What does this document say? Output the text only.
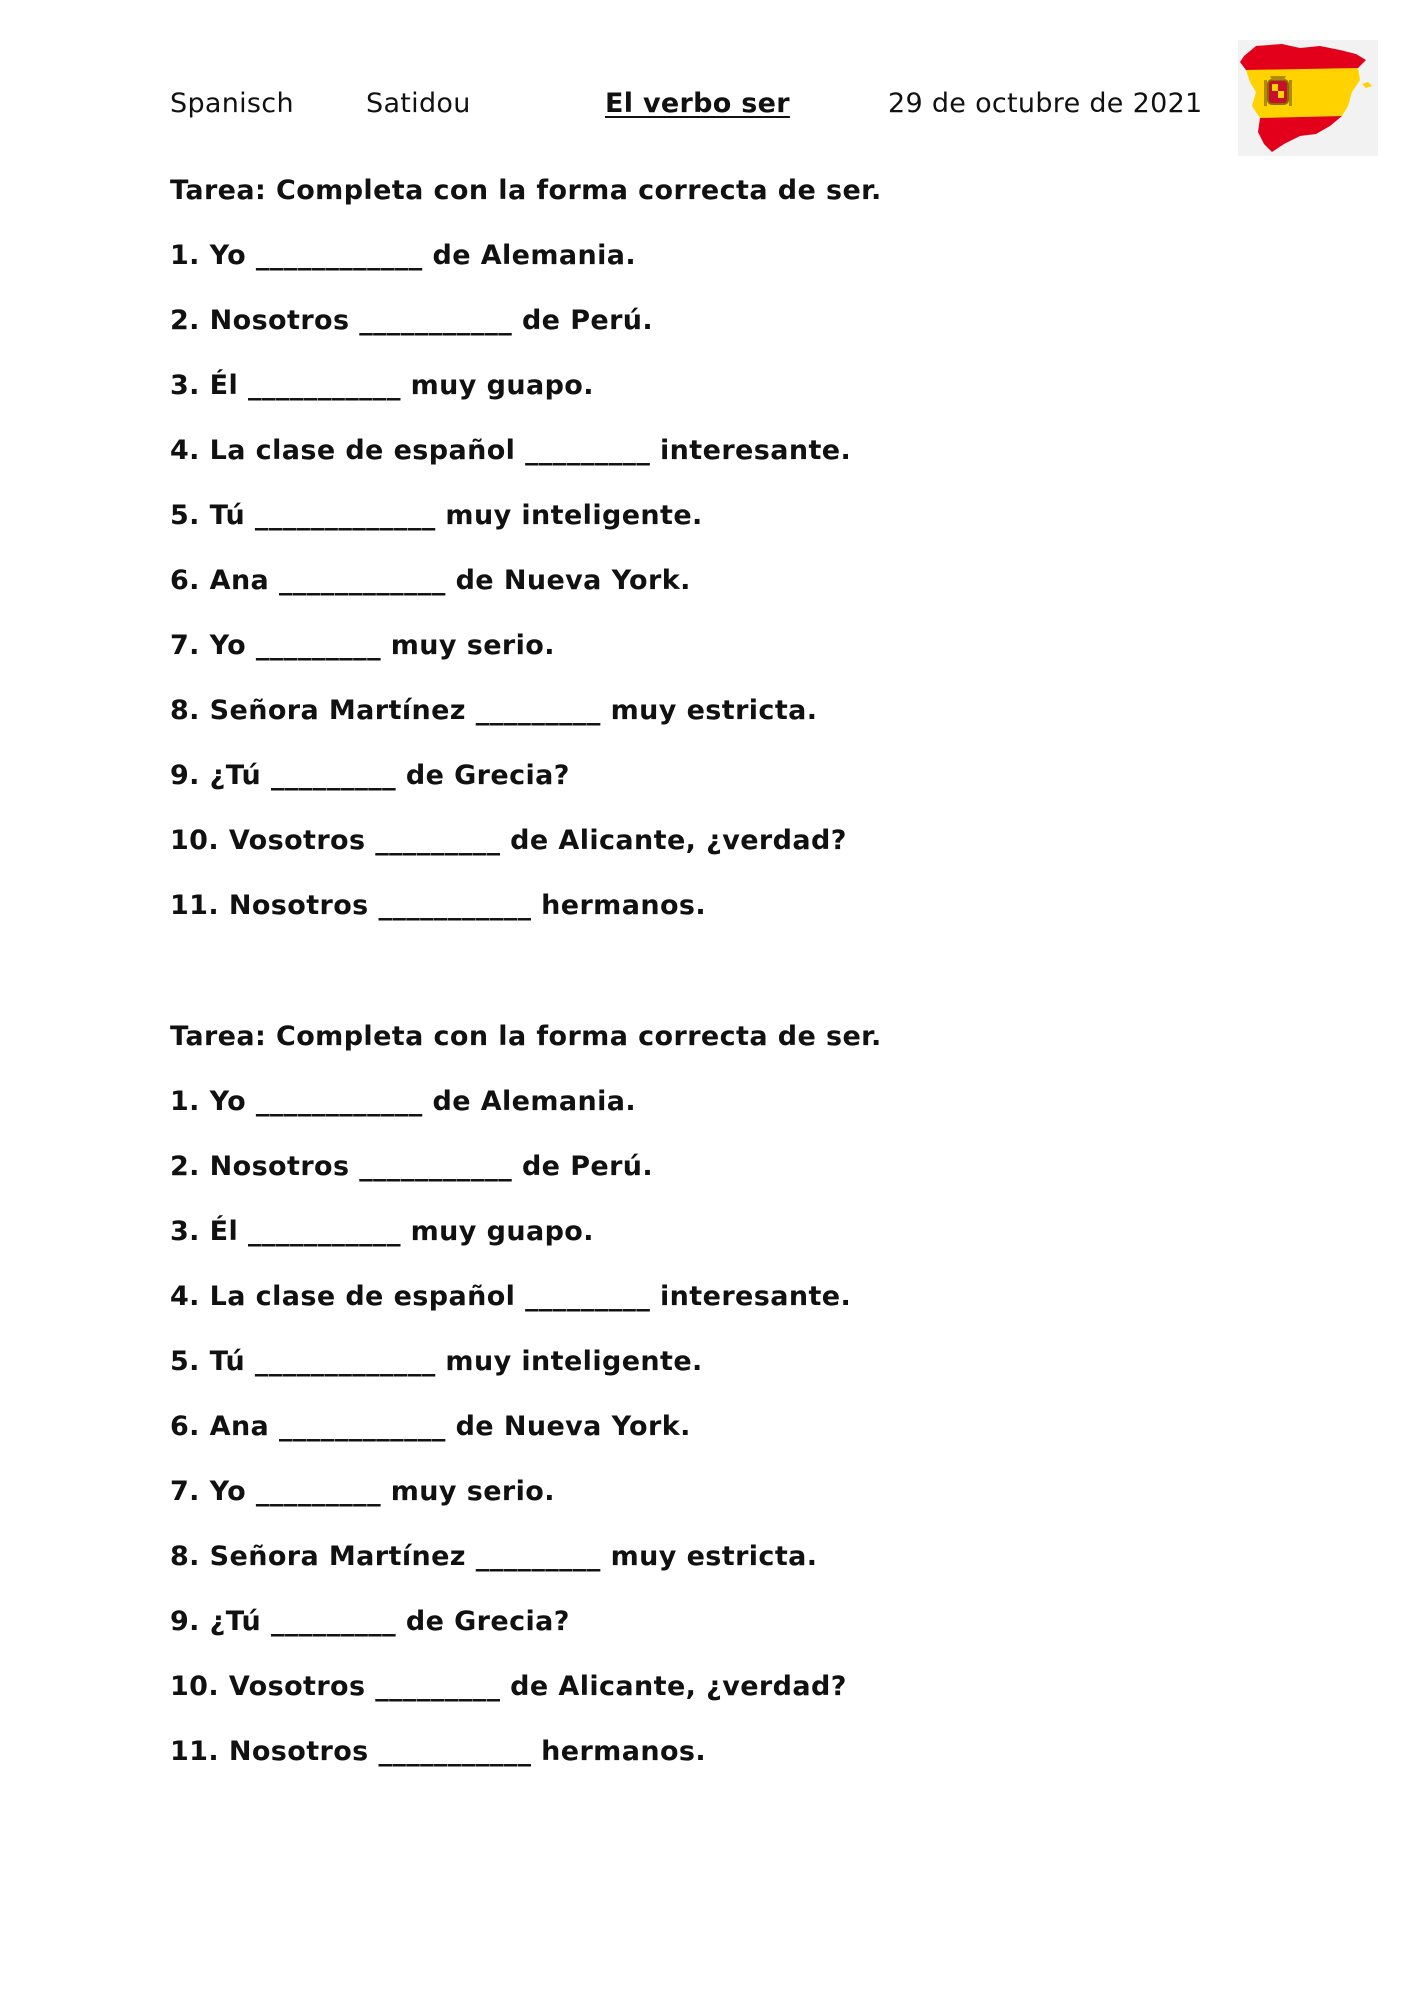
Spanisch	Satidou	El verbo ser	29 de octubre de 2021
Tarea: Completa con la forma correcta de ser.
1. Yo ____________ de Alemania.
2. Nosotros ___________ de Perú.
3. Él ___________ muy guapo.
4. La clase de español _________ interesante.
5. Tú _____________ muy inteligente.
6. Ana ____________ de Nueva York.
7. Yo _________ muy serio.
8. Señora Martínez _________ muy estricta.
9. ¿Tú _________ de Grecia?
10. Vosotros _________ de Alicante, ¿verdad?
11. Nosotros ___________ hermanos.
Tarea: Completa con la forma correcta de ser.
1. Yo ____________ de Alemania.
2. Nosotros ___________ de Perú.
3. Él ___________ muy guapo.
4. La clase de español _________ interesante.
5. Tú _____________ muy inteligente.
6. Ana ____________ de Nueva York.
7. Yo _________ muy serio.
8. Señora Martínez _________ muy estricta.
9. ¿Tú _________ de Grecia?
10. Vosotros _________ de Alicante, ¿verdad?
11. Nosotros ___________ hermanos.
